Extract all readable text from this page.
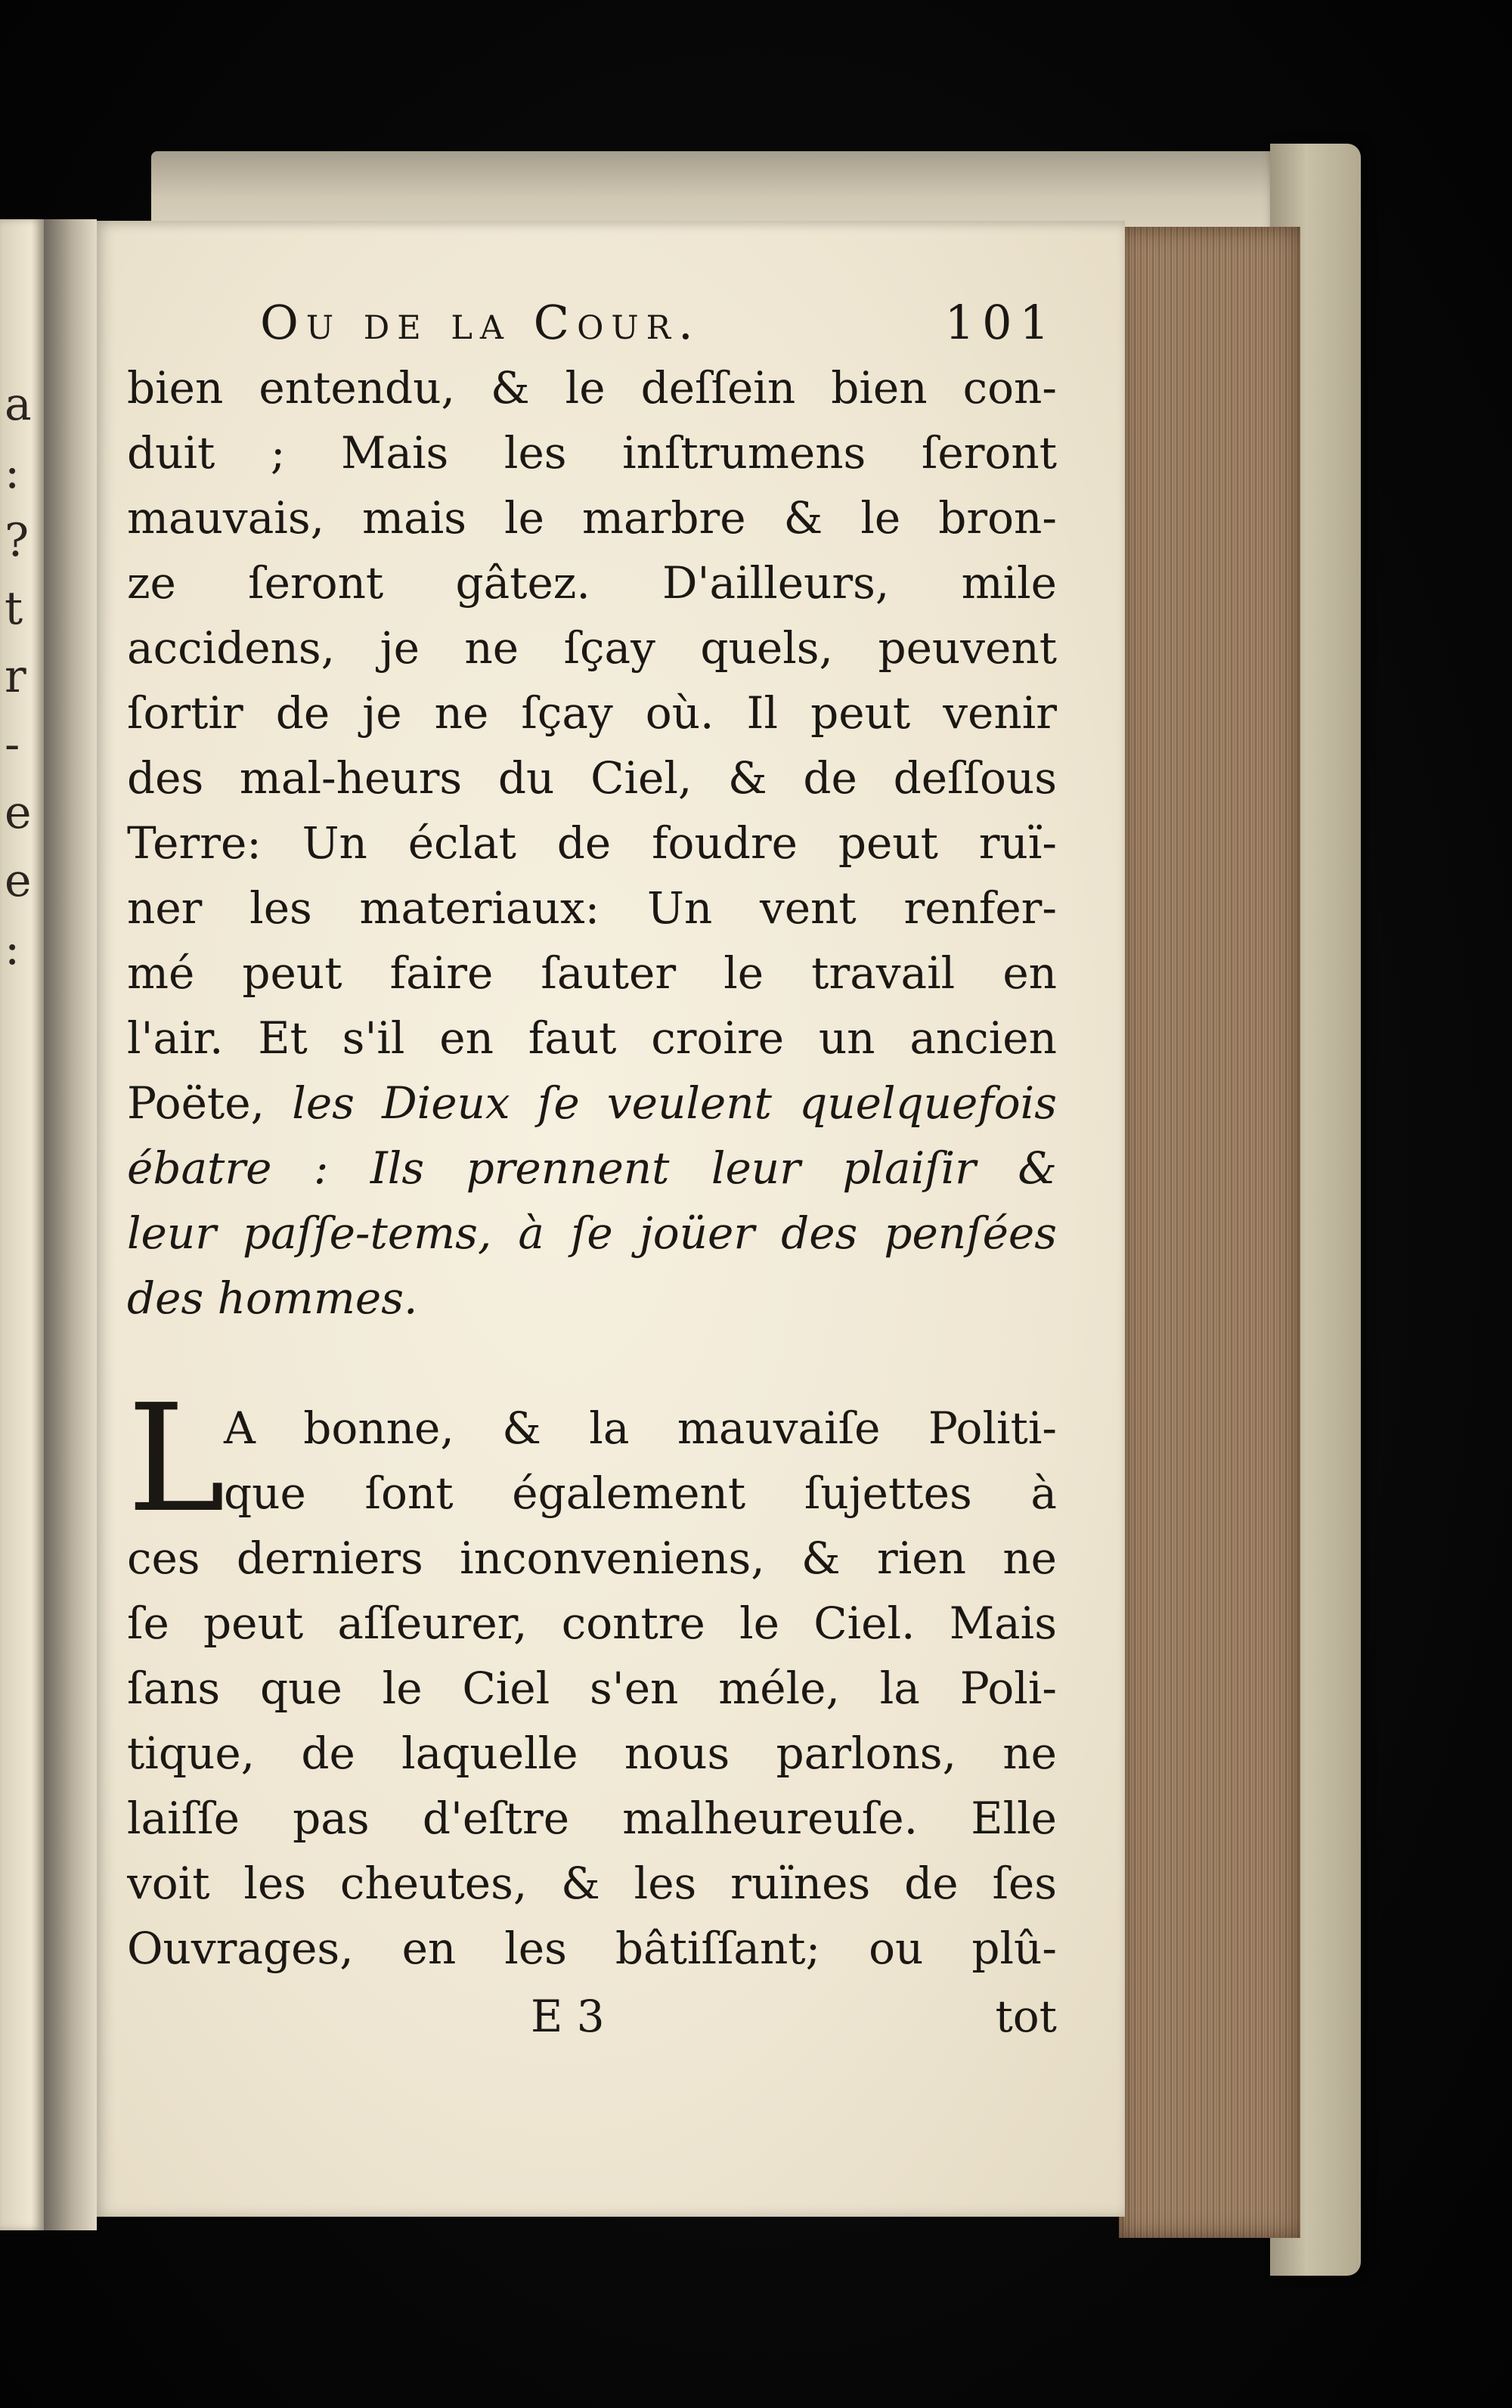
a
:
?
t
r
-
e
e
:
Ou de la Cour.	101
bien entendu, & le deſſein bien con-
duit ; Mais les inſtrumens ſeront
mauvais, mais le marbre & le bron-
ze ſeront gâtez. D'ailleurs, mile
accidens, je ne ſçay quels, peuvent
ſortir de je ne ſçay où. Il peut venir
des mal-heurs du Ciel, & de deſſous
Terre: Un éclat de foudre peut ruï-
ner les materiaux: Un vent renfer-
mé peut faire ſauter le travail en
l'air. Et s'il en faut croire un ancien
Poëte, les Dieux ſe veulent quelquefois
ébatre : Ils prennent leur plaiſir &
leur paſſe-tems, à ſe joüer des penſées
des hommes.
L
A bonne, & la mauvaiſe Politi-
que ſont également ſujettes à
ces derniers inconveniens, & rien ne
ſe peut aſſeurer, contre le Ciel. Mais
ſans que le Ciel s'en méle, la Poli-
tique, de laquelle nous parlons, ne
laiſſe pas d'eſtre malheureuſe. Elle
voit les cheutes, & les ruïnes de ſes
Ouvrages, en les bâtiſſant; ou plû-
E 3	tot
